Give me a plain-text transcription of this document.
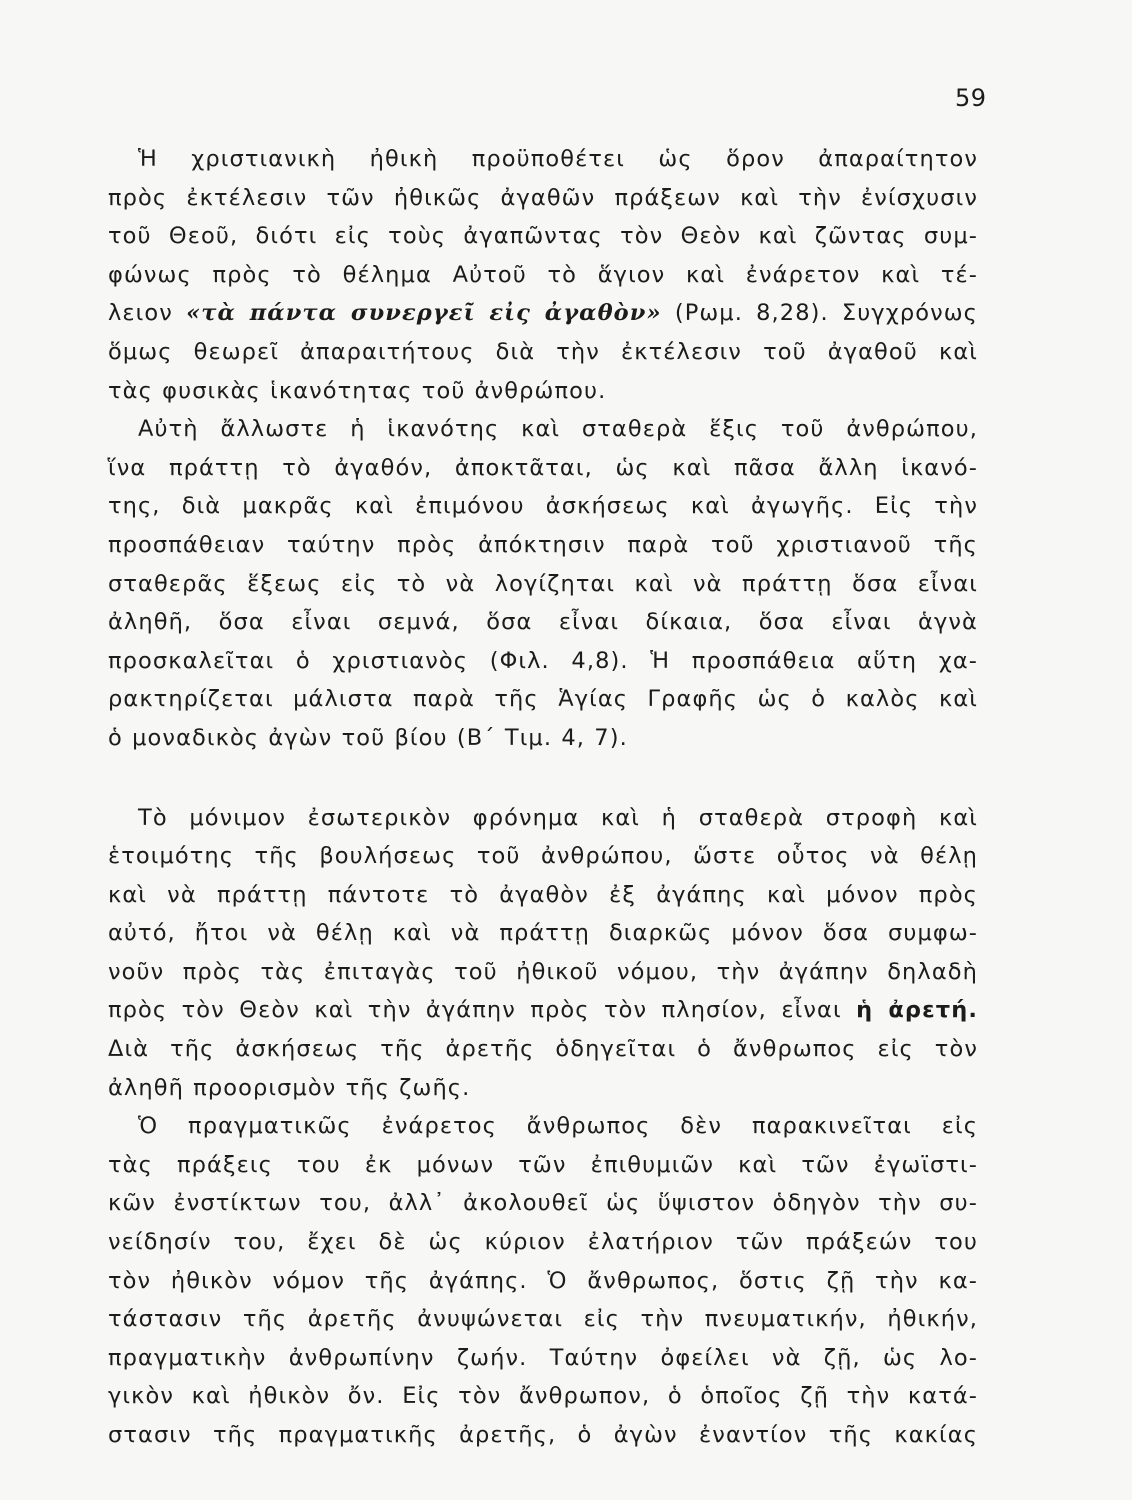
59
Ἡ χριστιανικὴ ἠθικὴ προϋποθέτει ὡς ὅρον ἀπαραίτητον
πρὸς ἐκτέλεσιν τῶν ἠθικῶς ἀγαθῶν πράξεων καὶ τὴν ἐνίσχυσιν
τοῦ Θεοῦ, διότι εἰς τοὺς ἀγαπῶντας τὸν Θεὸν καὶ ζῶντας συμ-
φώνως πρὸς τὸ θέλημα Αὐτοῦ τὸ ἅγιον καὶ ἐνάρετον καὶ τέ-
λειον «τὰ πάντα συνεργεῖ εἰς ἀγαθὸν» (Ρωμ. 8,28). Συγχρόνως
ὅμως θεωρεῖ ἀπαραιτήτους διὰ τὴν ἐκτέλεσιν τοῦ ἀγαθοῦ καὶ
τὰς φυσικὰς ἱκανότητας τοῦ ἀνθρώπου.
Αὐτὴ ἄλλωστε ἡ ἱκανότης καὶ σταθερὰ ἕξις τοῦ ἀνθρώπου,
ἵνα πράττῃ τὸ ἀγαθόν, ἀποκτᾶται, ὡς καὶ πᾶσα ἄλλη ἱκανό-
της, διὰ μακρᾶς καὶ ἐπιμόνου ἀσκήσεως καὶ ἀγωγῆς. Εἰς τὴν
προσπάθειαν ταύτην πρὸς ἀπόκτησιν παρὰ τοῦ χριστιανοῦ τῆς
σταθερᾶς ἕξεως εἰς τὸ νὰ λογίζηται καὶ νὰ πράττῃ ὅσα εἶναι
ἀληθῆ, ὅσα εἶναι σεμνά, ὅσα εἶναι δίκαια, ὅσα εἶναι ἁγνὰ
προσκαλεῖται ὁ χριστιανὸς (Φιλ. 4,8). Ἡ προσπάθεια αὕτη χα-
ρακτηρίζεται μάλιστα παρὰ τῆς Ἁγίας Γραφῆς ὡς ὁ καλὸς καὶ
ὁ μοναδικὸς ἀγὼν τοῦ βίου (Β΄ Τιμ. 4, 7).
Τὸ μόνιμον ἐσωτερικὸν φρόνημα καὶ ἡ σταθερὰ στροφὴ καὶ
ἑτοιμότης τῆς βουλήσεως τοῦ ἀνθρώπου, ὥστε οὗτος νὰ θέλῃ
καὶ νὰ πράττῃ πάντοτε τὸ ἀγαθὸν ἐξ ἀγάπης καὶ μόνον πρὸς
αὐτό, ἤτοι νὰ θέλῃ καὶ νὰ πράττῃ διαρκῶς μόνον ὅσα συμφω-
νοῦν πρὸς τὰς ἐπιταγὰς τοῦ ἠθικοῦ νόμου, τὴν ἀγάπην δηλαδὴ
πρὸς τὸν Θεὸν καὶ τὴν ἀγάπην πρὸς τὸν πλησίον, εἶναι ἡ ἀρετή.
Διὰ τῆς ἀσκήσεως τῆς ἀρετῆς ὁδηγεῖται ὁ ἄνθρωπος εἰς τὸν
ἀληθῆ προορισμὸν τῆς ζωῆς.
Ὁ πραγματικῶς ἐνάρετος ἄνθρωπος δὲν παρακινεῖται εἰς
τὰς πράξεις του ἐκ μόνων τῶν ἐπιθυμιῶν καὶ τῶν ἐγωϊστι-
κῶν ἐνστίκτων του, ἀλλ᾽ ἀκολουθεῖ ὡς ὕψιστον ὁδηγὸν τὴν συ-
νείδησίν του, ἔχει δὲ ὡς κύριον ἐλατήριον τῶν πράξεών του
τὸν ἠθικὸν νόμον τῆς ἀγάπης. Ὁ ἄνθρωπος, ὅστις ζῇ τὴν κα-
τάστασιν τῆς ἀρετῆς ἀνυψώνεται εἰς τὴν πνευματικήν, ἠθικήν,
πραγματικὴν ἀνθρωπίνην ζωήν. Ταύτην ὀφείλει νὰ ζῇ, ὡς λο-
γικὸν καὶ ἠθικὸν ὄν. Εἰς τὸν ἄνθρωπον, ὁ ὁποῖος ζῇ τὴν κατά-
στασιν τῆς πραγματικῆς ἀρετῆς, ὁ ἀγὼν ἐναντίον τῆς κακίας
